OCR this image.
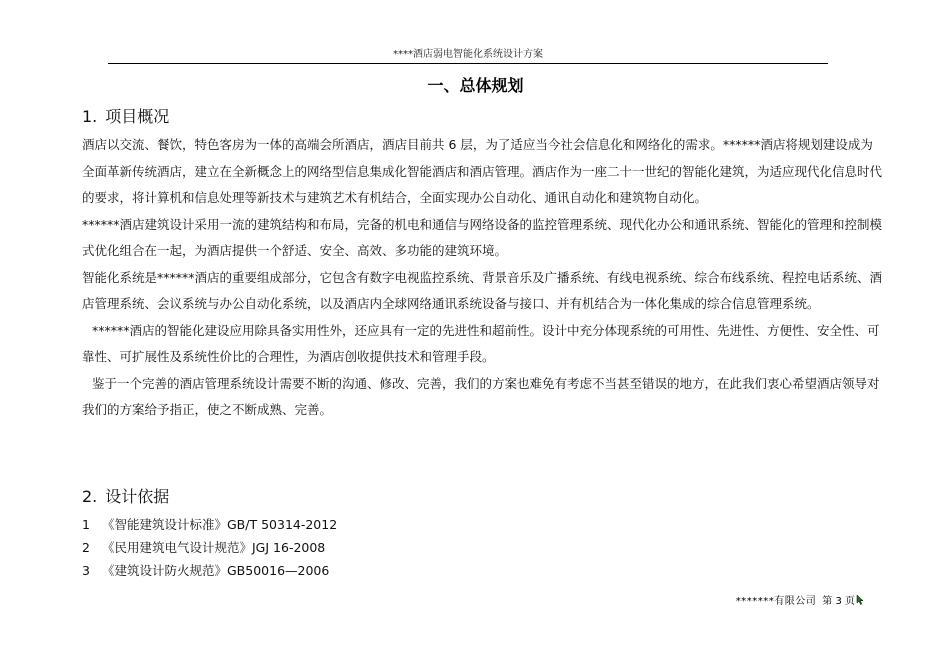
****酒店弱电智能化系统设计方案
一、总体规划
1. 项目概况

酒店以交流、餐饮，特色客房为一体的高端会所酒店，酒店目前共 6 层，为了适应当今社会信息化和网络化的需求。******酒店将规划建设成为全面革新传统酒店，建立在全新概念上的网络型信息集成化智能酒店和酒店管理。酒店作为一座二十一世纪的智能化建筑，为适应现代化信息时代的要求，将计算机和信息处理等新技术与建筑艺术有机结合，全面实现办公自动化、通讯自动化和建筑物自动化。

******酒店建筑设计采用一流的建筑结构和布局，完备的机电和通信与网络设备的监控管理系统、现代化办公和通讯系统、智能化的管理和控制模式优化组合在一起，为酒店提供一个舒适、安全、高效、多功能的建筑环境。

智能化系统是******酒店的重要组成部分，它包含有数字电视监控系统、背景音乐及广播系统、有线电视系统、综合布线系统、程控电话系统、酒店管理系统、会议系统与办公自动化系统，以及酒店内全球网络通讯系统设备与接口、并有机结合为一体化集成的综合信息管理系统。

******酒店的智能化建设应用除具备实用性外，还应具有一定的先进性和超前性。设计中充分体现系统的可用性、先进性、方便性、安全性、可靠性、可扩展性及系统性价比的合理性，为酒店创收提供技术和管理手段。

鉴于一个完善的酒店管理系统设计需要不断的沟通、修改、完善，我们的方案也难免有考虑不当甚至错误的地方，在此我们衷心希望酒店领导对我们的方案给予指正，使之不断成熟、完善。

2. 设计依据
1 《智能建筑设计标准》GB/T 50314-2012
2 《民用建筑电气设计规范》JGJ 16-2008
3 《建筑设计防火规范》GB50016—2006
*******有限公司 第 3 页
